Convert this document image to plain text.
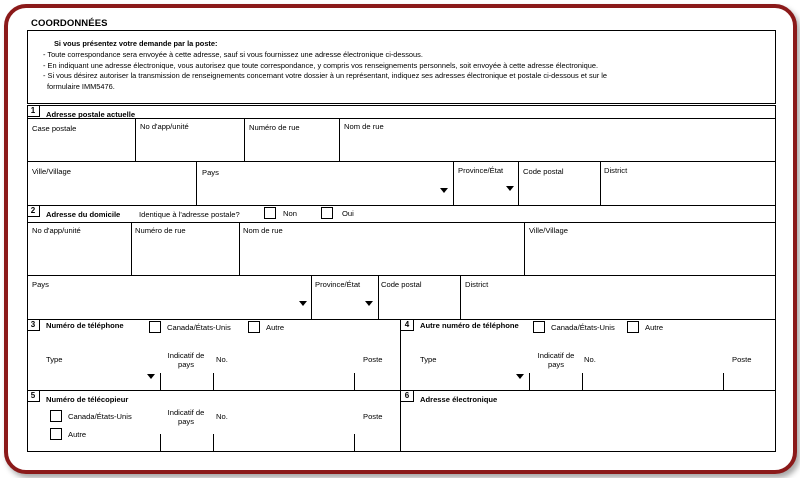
COORDONNÉES
Si vous présentez votre demande par la poste:
- Toute correspondance sera envoyée à cette adresse, sauf si vous fournissez une adresse électronique ci-dessous.
- En indiquant une adresse électronique, vous autorisez que toute correspondance, y compris vos renseignements personnels, soit envoyée à cette adresse électronique.
- Si vous désirez autoriser la transmission de renseignements concernant votre dossier à un représentant, indiquez ses adresses électronique et postale ci-dessous et sur le
formulaire IMM5476.
1	Adresse postale actuelle
Case postale	No d'app/unité	Numéro de rue	Nom de rue
Ville/Village	Pays	Province/État	Code postal	District
2	Adresse du domicile Identique à l'adresse postale?	Non	Oui
No d'app/unité	Numéro de rue	Nom de rue	Ville/Village
Pays	Province/État	Code postal	District
3	Numéro de téléphone	Canada/États-Unis	Autre
Type	Indicatif de pays
No.	Poste
4	Autre numéro de téléphone	Canada/États-Unis	Autre
Type	Indicatif de pays
No.	Poste
5	Numéro de télécopieur
Canada/États-Unis
Autre
Indicatif de pays
No.	Poste
6	Adresse électronique
